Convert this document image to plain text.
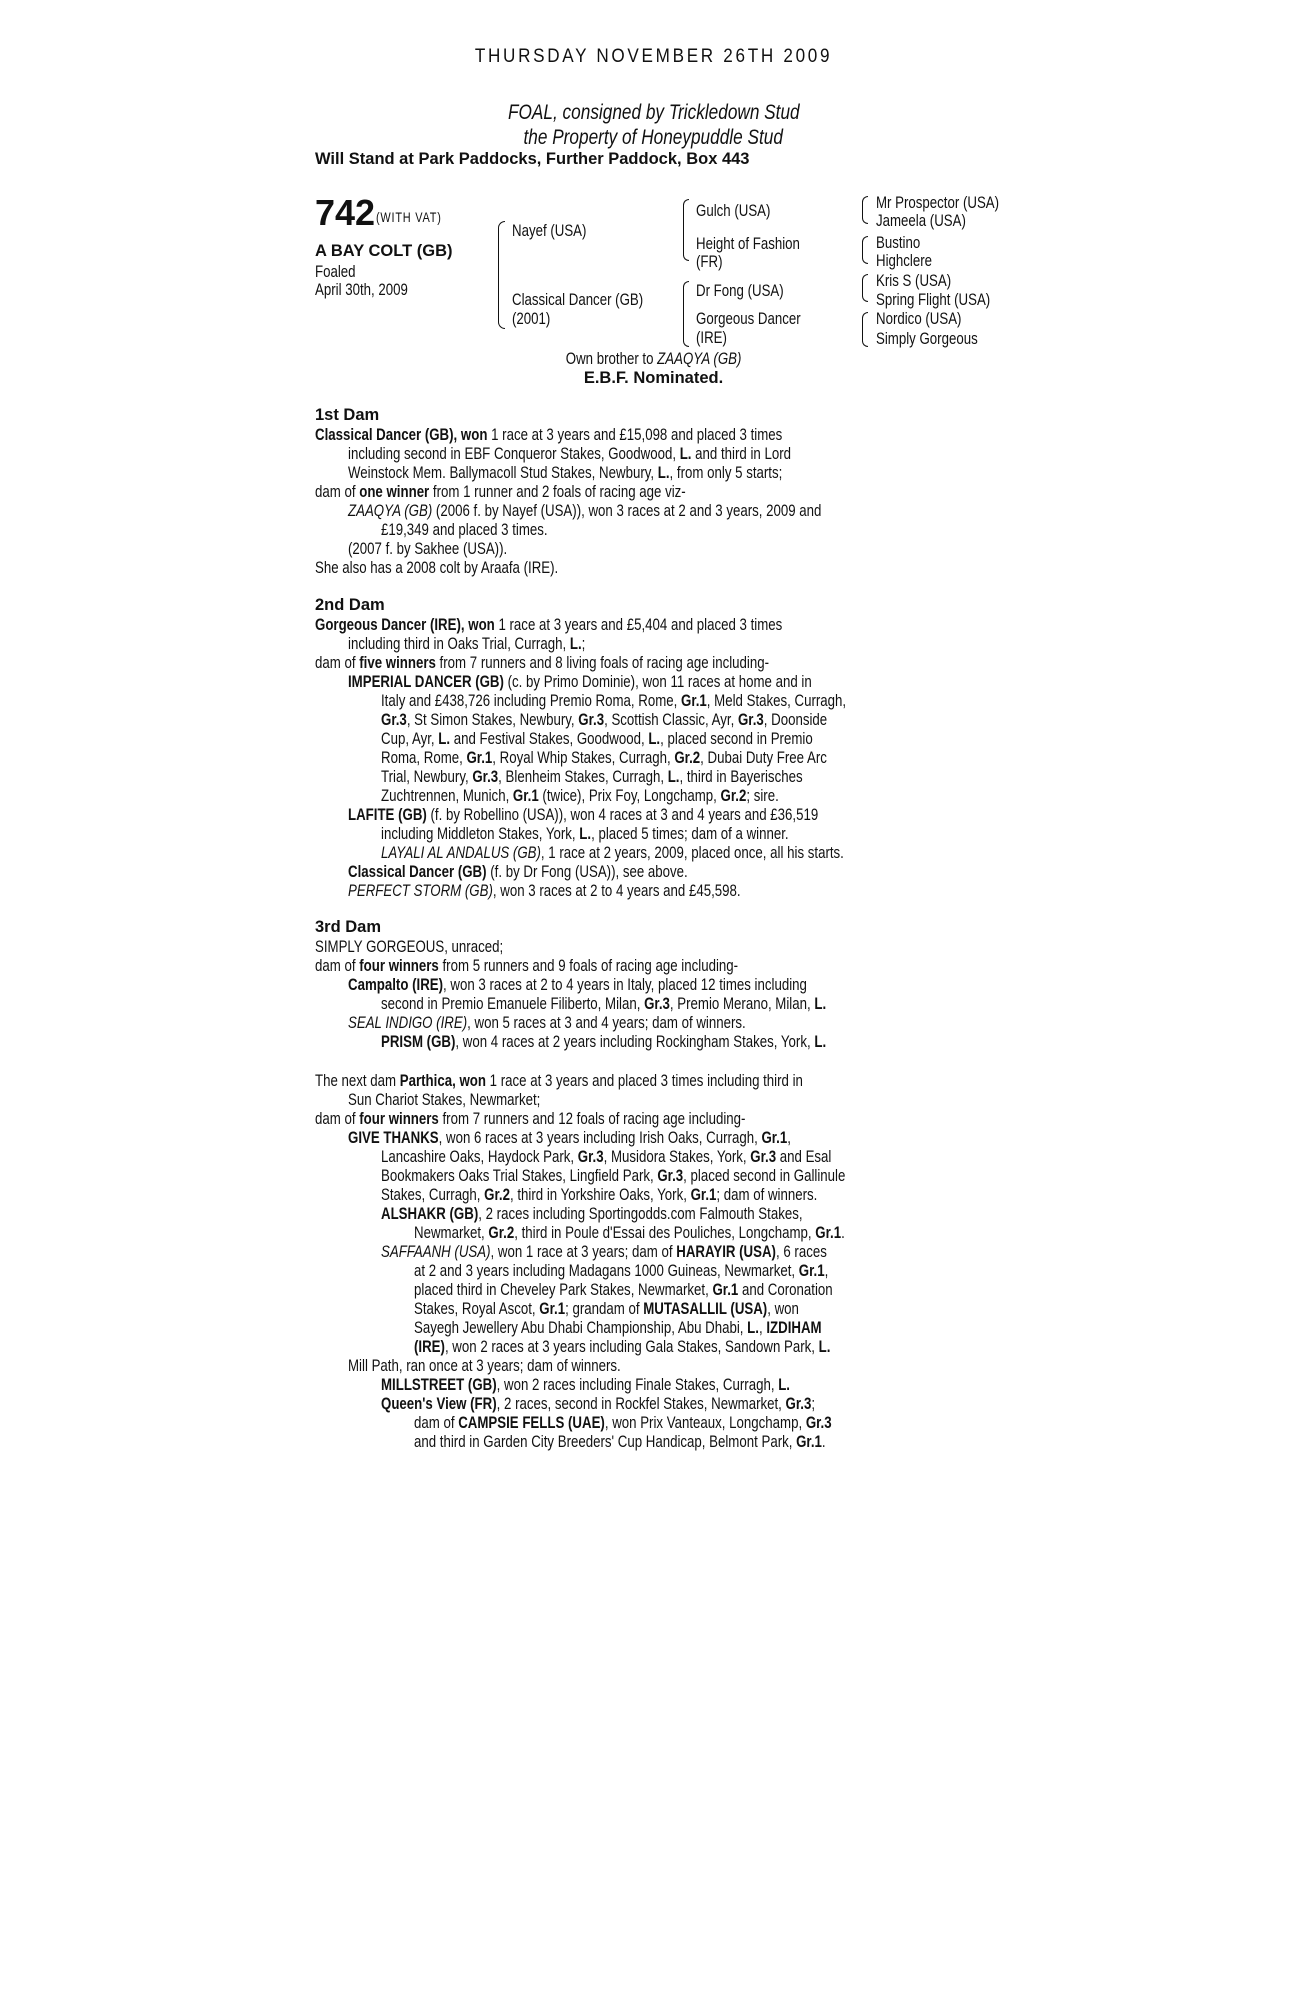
THURSDAY NOVEMBER 26TH 2009
FOAL, consigned by Trickledown Stud
the Property of Honeypuddle Stud
Will Stand at Park Paddocks, Further Paddock, Box 443
742 (WITH VAT)
A BAY COLT (GB)
Foaled
April 30th, 2009
Nayef (USA)
Classical Dancer (GB)
(2001)
Gulch (USA)
Height of Fashion
(FR)
Dr Fong (USA)
Gorgeous Dancer
(IRE)
Mr Prospector (USA)
Jameela (USA)
Bustino
Highclere
Kris S (USA)
Spring Flight (USA)
Nordico (USA)
Simply Gorgeous
Own brother to ZAAQYA (GB)
E.B.F. Nominated.
1st Dam
Classical Dancer (GB), won 1 race at 3 years and £15,098 and placed 3 times
including second in EBF Conqueror Stakes, Goodwood, L. and third in Lord
Weinstock Mem. Ballymacoll Stud Stakes, Newbury, L., from only 5 starts;
dam of one winner from 1 runner and 2 foals of racing age viz-
ZAAQYA (GB) (2006 f. by Nayef (USA)), won 3 races at 2 and 3 years, 2009 and
£19,349 and placed 3 times.
(2007 f. by Sakhee (USA)).
She also has a 2008 colt by Araafa (IRE).
2nd Dam
Gorgeous Dancer (IRE), won 1 race at 3 years and £5,404 and placed 3 times
including third in Oaks Trial, Curragh, L.;
dam of five winners from 7 runners and 8 living foals of racing age including-
IMPERIAL DANCER (GB) (c. by Primo Dominie), won 11 races at home and in
Italy and £438,726 including Premio Roma, Rome, Gr.1, Meld Stakes, Curragh,
Gr.3, St Simon Stakes, Newbury, Gr.3, Scottish Classic, Ayr, Gr.3, Doonside
Cup, Ayr, L. and Festival Stakes, Goodwood, L., placed second in Premio
Roma, Rome, Gr.1, Royal Whip Stakes, Curragh, Gr.2, Dubai Duty Free Arc
Trial, Newbury, Gr.3, Blenheim Stakes, Curragh, L., third in Bayerisches
Zuchtrennen, Munich, Gr.1 (twice), Prix Foy, Longchamp, Gr.2; sire.
LAFITE (GB) (f. by Robellino (USA)), won 4 races at 3 and 4 years and £36,519
including Middleton Stakes, York, L., placed 5 times; dam of a winner.
LAYALI AL ANDALUS (GB), 1 race at 2 years, 2009, placed once, all his starts.
Classical Dancer (GB) (f. by Dr Fong (USA)), see above.
PERFECT STORM (GB), won 3 races at 2 to 4 years and £45,598.
3rd Dam
SIMPLY GORGEOUS, unraced;
dam of four winners from 5 runners and 9 foals of racing age including-
Campalto (IRE), won 3 races at 2 to 4 years in Italy, placed 12 times including
second in Premio Emanuele Filiberto, Milan, Gr.3, Premio Merano, Milan, L.
SEAL INDIGO (IRE), won 5 races at 3 and 4 years; dam of winners.
PRISM (GB), won 4 races at 2 years including Rockingham Stakes, York, L.
The next dam Parthica, won 1 race at 3 years and placed 3 times including third in
Sun Chariot Stakes, Newmarket;
dam of four winners from 7 runners and 12 foals of racing age including-
GIVE THANKS, won 6 races at 3 years including Irish Oaks, Curragh, Gr.1,
Lancashire Oaks, Haydock Park, Gr.3, Musidora Stakes, York, Gr.3 and Esal
Bookmakers Oaks Trial Stakes, Lingfield Park, Gr.3, placed second in Gallinule
Stakes, Curragh, Gr.2, third in Yorkshire Oaks, York, Gr.1; dam of winners.
ALSHAKR (GB), 2 races including Sportingodds.com Falmouth Stakes,
Newmarket, Gr.2, third in Poule d'Essai des Pouliches, Longchamp, Gr.1.
SAFFAANH (USA), won 1 race at 3 years; dam of HARAYIR (USA), 6 races
at 2 and 3 years including Madagans 1000 Guineas, Newmarket, Gr.1,
placed third in Cheveley Park Stakes, Newmarket, Gr.1 and Coronation
Stakes, Royal Ascot, Gr.1; grandam of MUTASALLIL (USA), won
Sayegh Jewellery Abu Dhabi Championship, Abu Dhabi, L., IZDIHAM
(IRE), won 2 races at 3 years including Gala Stakes, Sandown Park, L.
Mill Path, ran once at 3 years; dam of winners.
MILLSTREET (GB), won 2 races including Finale Stakes, Curragh, L.
Queen's View (FR), 2 races, second in Rockfel Stakes, Newmarket, Gr.3;
dam of CAMPSIE FELLS (UAE), won Prix Vanteaux, Longchamp, Gr.3
and third in Garden City Breeders' Cup Handicap, Belmont Park, Gr.1.
